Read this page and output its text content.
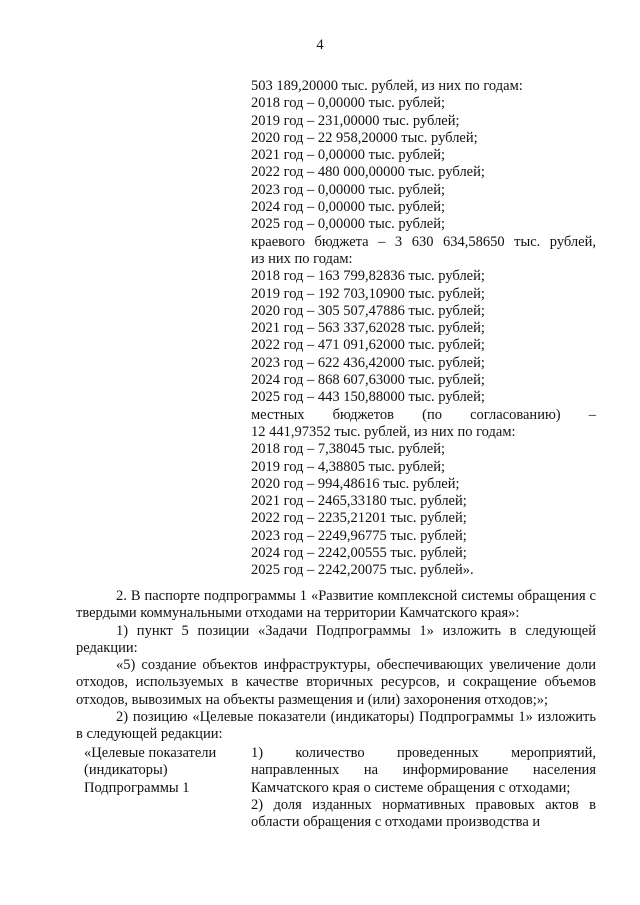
4
503 189,20000 тыс. рублей, из них по годам:
2018 год – 0,00000 тыс. рублей;
2019 год – 231,00000 тыс. рублей;
2020 год – 22 958,20000 тыс. рублей;
2021 год – 0,00000 тыс. рублей;
2022 год – 480 000,00000 тыс. рублей;
2023 год – 0,00000 тыс. рублей;
2024 год – 0,00000 тыс. рублей;
2025 год – 0,00000 тыс. рублей;
краевого бюджета – 3 630 634,58650 тыс. рублей,
из них по годам:
2018 год – 163 799,82836 тыс. рублей;
2019 год – 192 703,10900 тыс. рублей;
2020 год – 305 507,47886 тыс. рублей;
2021 год – 563 337,62028 тыс. рублей;
2022 год – 471 091,62000 тыс. рублей;
2023 год – 622 436,42000 тыс. рублей;
2024 год – 868 607,63000 тыс. рублей;
2025 год – 443 150,88000 тыс. рублей;
местных бюджетов (по согласованию) –
12 441,97352 тыс. рублей, из них по годам:
2018 год – 7,38045 тыс. рублей;
2019 год – 4,38805 тыс. рублей;
2020 год – 994,48616 тыс. рублей;
2021 год – 2465,33180 тыс. рублей;
2022 год – 2235,21201 тыс. рублей;
2023 год – 2249,96775 тыс. рублей;
2024 год – 2242,00555 тыс. рублей;
2025 год – 2242,20075 тыс. рублей».
2. В паспорте подпрограммы 1 «Развитие комплексной системы обращения с твердыми коммунальными отходами на территории Камчатского края»:
1) пункт 5 позиции «Задачи Подпрограммы 1» изложить в следующей редакции:
«5) создание объектов инфраструктуры, обеспечивающих увеличение доли отходов, используемых в качестве вторичных ресурсов, и сокращение объемов отходов, вывозимых на объекты размещения и (или) захоронения отходов;»;
2) позицию «Целевые показатели (индикаторы) Подпрограммы 1» изложить в следующей редакции:
«Целевые показатели (индикаторы) Подпрограммы 1
1) количество проведенных мероприятий, направленных на информирование населения Камчатского края о системе обращения с отходами;
2) доля изданных нормативных правовых актов в области обращения с отходами производства и
